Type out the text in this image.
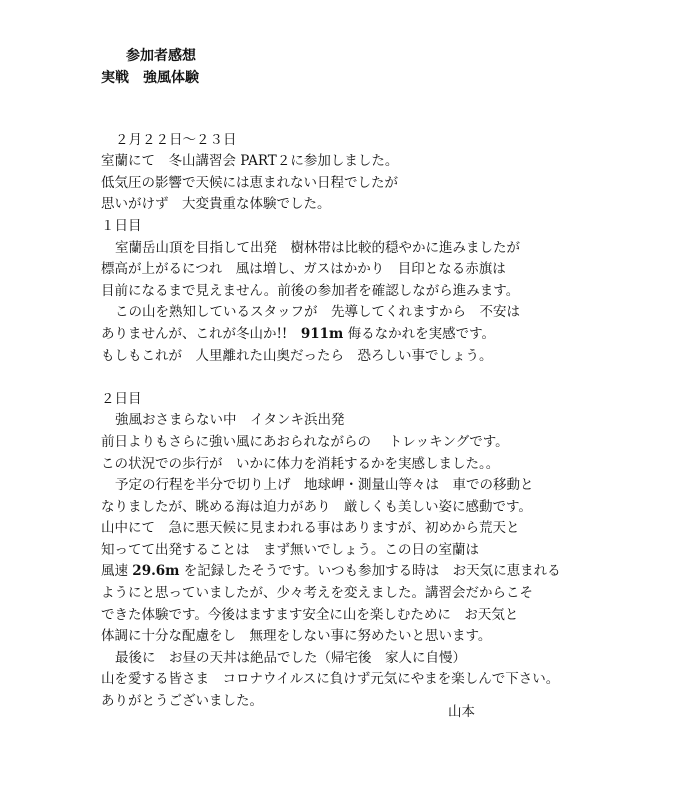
参加者感想
実戦　強風体験
２月２２日〜２３日
室蘭にて　冬山講習会 PART２に参加しました。
低気圧の影響で天候には恵まれない日程でしたが
思いがけず　大変貴重な体験でした。
１日目
室蘭岳山頂を目指して出発　樹林帯は比較的穏やかに進みましたが
標高が上がるにつれ　風は増し、ガスはかかり　目印となる赤旗は
目前になるまで見えません。前後の参加者を確認しながら進みます。
この山を熟知しているスタッフが　先導してくれますから　不安は
ありませんが、これが冬山か!!　911m 侮るなかれを実感です。
もしもこれが　人里離れた山奥だったら　恐ろしい事でしょう。
２日目
強風おさまらない中　イタンキ浜出発
前日よりもさらに強い風にあおられながらの　 トレッキングです。
この状況での歩行が　いかに体力を消耗するかを実感しました。。
予定の行程を半分で切り上げ　地球岬・測量山等々は　車での移動と
なりましたが、眺める海は迫力があり　厳しくも美しい姿に感動です。
山中にて　急に悪天候に見まわれる事はありますが、初めから荒天と
知ってて出発することは　まず無いでしょう。この日の室蘭は
風速 29.6m を記録したそうです。いつも参加する時は　お天気に恵まれる
ようにと思っていましたが、少々考えを変えました。講習会だからこそ
できた体験です。今後はますます安全に山を楽しむために　お天気と
体調に十分な配慮をし　無理をしない事に努めたいと思います。
最後に　お昼の天丼は絶品でした（帰宅後　家人に自慢）
山を愛する皆さま　コロナウイルスに負けず元気にやまを楽しんで下さい。
ありがとうございました。
山本
